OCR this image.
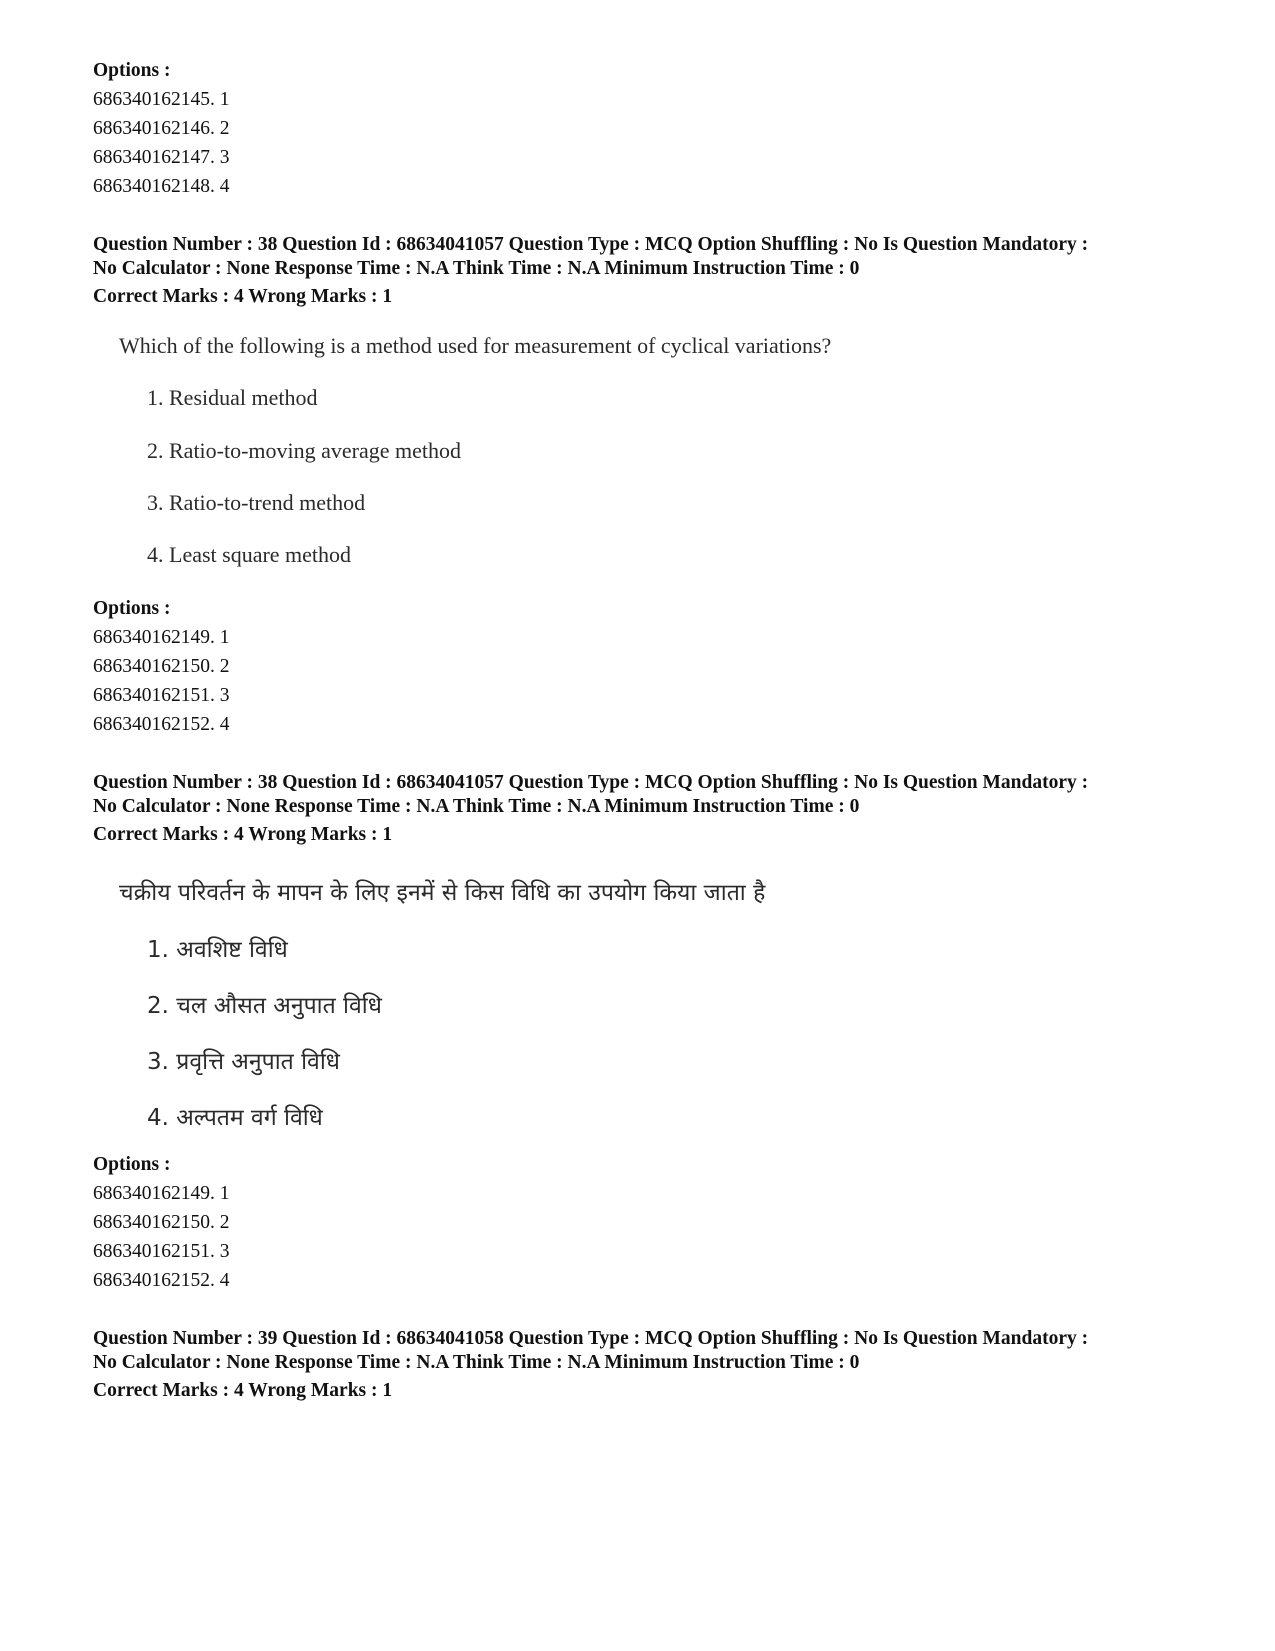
Options :
686340162145. 1
686340162146. 2
686340162147. 3
686340162148. 4
Question Number : 38 Question Id : 68634041057 Question Type : MCQ Option Shuffling : No Is Question Mandatory :
No Calculator : None Response Time : N.A Think Time : N.A Minimum Instruction Time : 0
Correct Marks : 4 Wrong Marks : 1
Which of the following is a method used for measurement of cyclical variations?
1. Residual method
2. Ratio-to-moving average method
3. Ratio-to-trend method
4. Least square method
Options :
686340162149. 1
686340162150. 2
686340162151. 3
686340162152. 4
Question Number : 38 Question Id : 68634041057 Question Type : MCQ Option Shuffling : No Is Question Mandatory :
No Calculator : None Response Time : N.A Think Time : N.A Minimum Instruction Time : 0
Correct Marks : 4 Wrong Marks : 1
चक्रीय परिवर्तन के मापन के लिए इनमें से किस विधि का उपयोग किया जाता है
1. अवशिष्ट विधि
2. चल औसत अनुपात विधि
3. प्रवृत्ति अनुपात विधि
4. अल्पतम वर्ग विधि
Options :
686340162149. 1
686340162150. 2
686340162151. 3
686340162152. 4
Question Number : 39 Question Id : 68634041058 Question Type : MCQ Option Shuffling : No Is Question Mandatory :
No Calculator : None Response Time : N.A Think Time : N.A Minimum Instruction Time : 0
Correct Marks : 4 Wrong Marks : 1
